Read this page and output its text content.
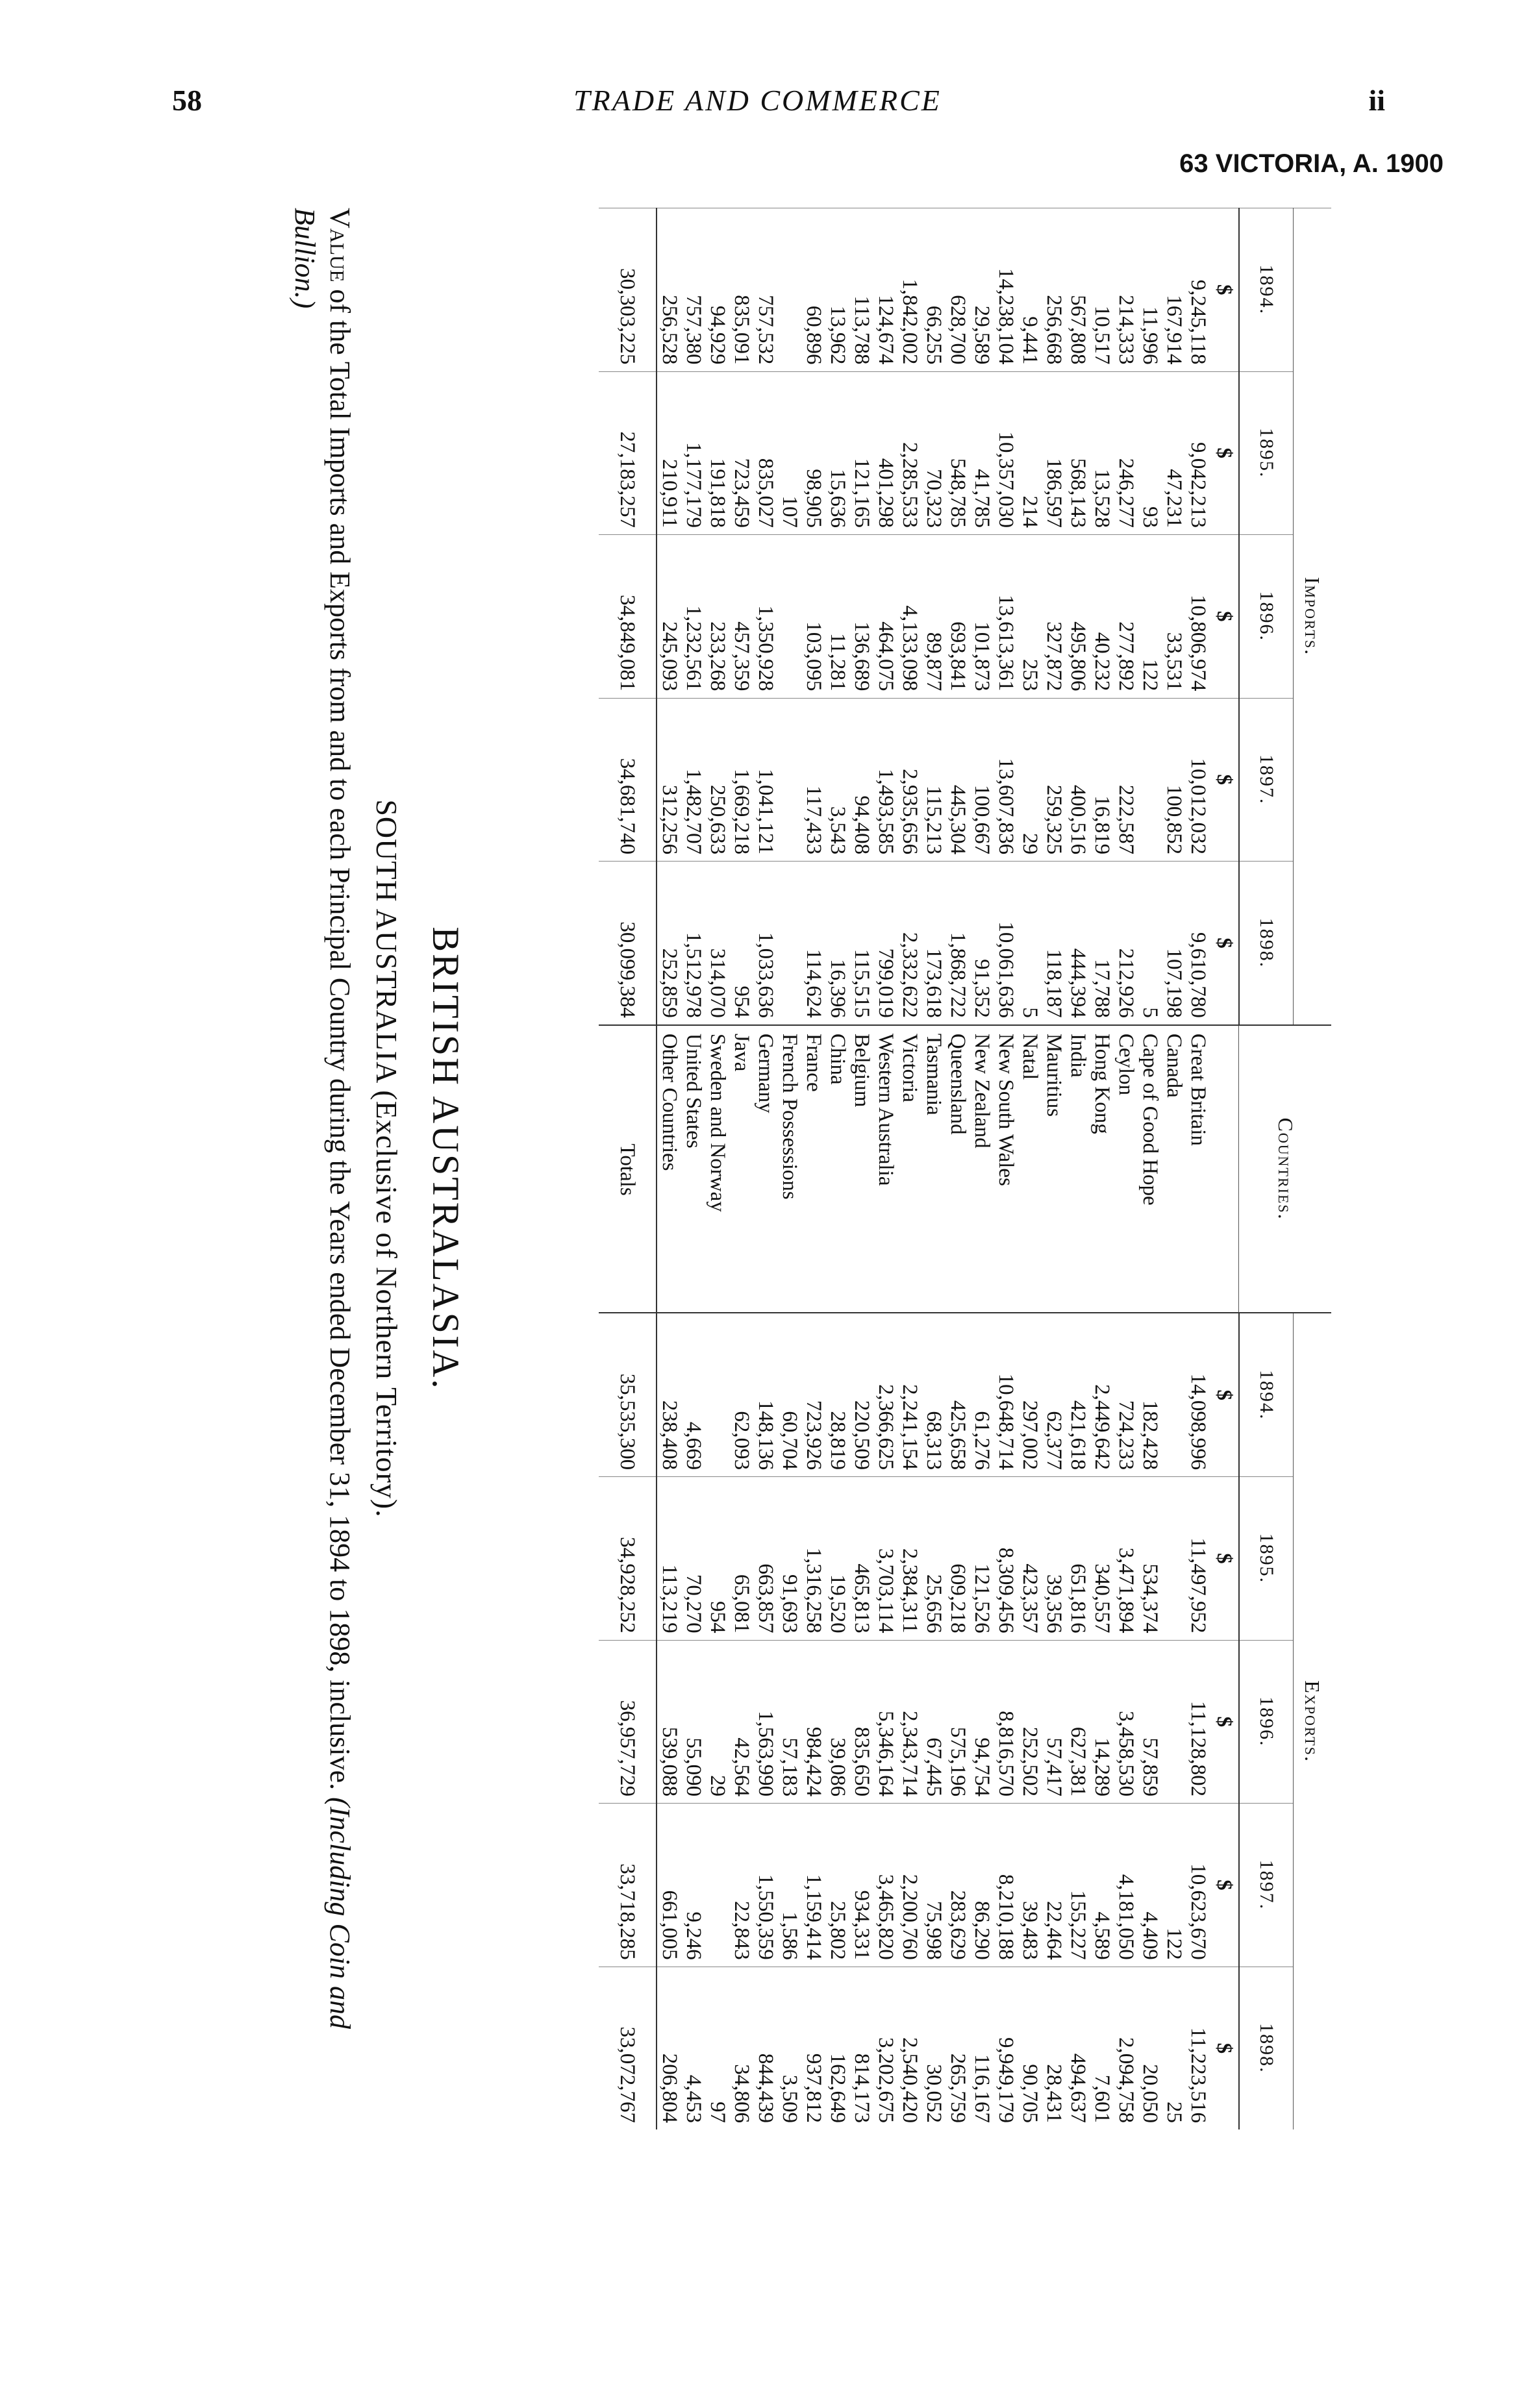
58	TRADE AND COMMERCE	ii
63 VICTORIA, A. 1900
Imports.					Countries.	Exports.				
1894.	1895.	1896.	1897.	1898.		1894.	1895.	1896.	1897.	1898.
$	$	$	$	$		$	$	$	$	$
9,245,118	9,042,213	10,806,974	10,012,032	9,610,780	Great Britain	14,098,996	11,497,952	11,128,802	10,623,670	11,223,516
167,914	47,231	33,531	100,852	107,198	Canada				122	25
11,996	93	122		5	Cape of Good Hope	182,428	534,374	57,859	4,409	20,050
214,333	246,277	277,892	222,587	212,926	Ceylon	724,233	3,471,894	3,458,530	4,181,050	2,094,758
10,517	13,528	40,232	16,819	17,788	Hong Kong	2,449,642	340,557	14,289	4,589	7,601
567,808	568,143	495,806	400,516	444,394	India	421,618	651,816	627,381	155,227	494,637
256,668	186,597	327,872	259,325	118,187	Mauritius	62,377	39,356	57,417	22,464	28,431
9,441	214	253	29	5	Natal	297,002	423,357	252,502	39,483	90,705
14,238,104	10,357,030	13,613,361	13,607,836	10,061,636	New South Wales	10,648,714	8,309,456	8,816,570	8,210,188	9,949,179
29,589	41,785	101,873	100,667	91,352	New Zealand	61,276	121,526	94,754	86,290	116,167
628,700	548,785	693,841	445,304	1,868,722	Queensland	425,658	609,218	575,196	283,629	265,759
66,255	70,323	89,877	115,213	173,618	Tasmania	68,313	25,656	67,445	75,998	30,052
1,842,002	2,285,533	4,133,098	2,935,656	2,332,622	Victoria	2,241,154	2,384,311	2,343,714	2,200,760	2,540,420
124,674	401,298	464,075	1,493,585	799,019	Western Australia	2,366,625	3,703,114	5,346,164	3,465,820	3,202,675
113,788	121,165	136,689	94,408	115,515	Belgium	220,509	465,813	835,650	934,331	814,173
13,962	15,636	11,281	3,543	16,396	China	28,819	19,520	39,086	25,802	162,649
60,896	98,905	103,095	117,433	114,624	France	723,926	1,316,258	984,424	1,159,414	937,812
	107				French Possessions	60,704	91,693	57,183	1,586	3,509
757,532	835,027	1,350,928	1,041,121	1,033,636	Germany	148,136	663,857	1,563,990	1,550,359	844,439
835,091	723,459	457,359	1,669,218	954	Java	62,093	65,081	42,564	22,843	34,806
94,929	191,818	233,268	250,633	314,070	Sweden and Norway		954	29		97
757,380	1,177,179	1,232,561	1,482,707	1,512,978	United States	4,669	70,270	55,090	9,246	4,453
256,528	210,911	245,093	312,256	252,859	Other Countries	238,408	113,219	539,088	661,005	206,804
30,303,225	27,183,257	34,849,081	34,681,740	30,099,384	Totals	35,535,300	34,928,252	36,957,729	33,718,285	33,072,767
BRITISH AUSTRALASIA.
SOUTH AUSTRALIA (Exclusive of Northern Territory).
Value of the Total Imports and Exports from and to each Principal Country during the Years ended December 31, 1894 to 1898, inclusive. (Including Coin and Bullion.)
